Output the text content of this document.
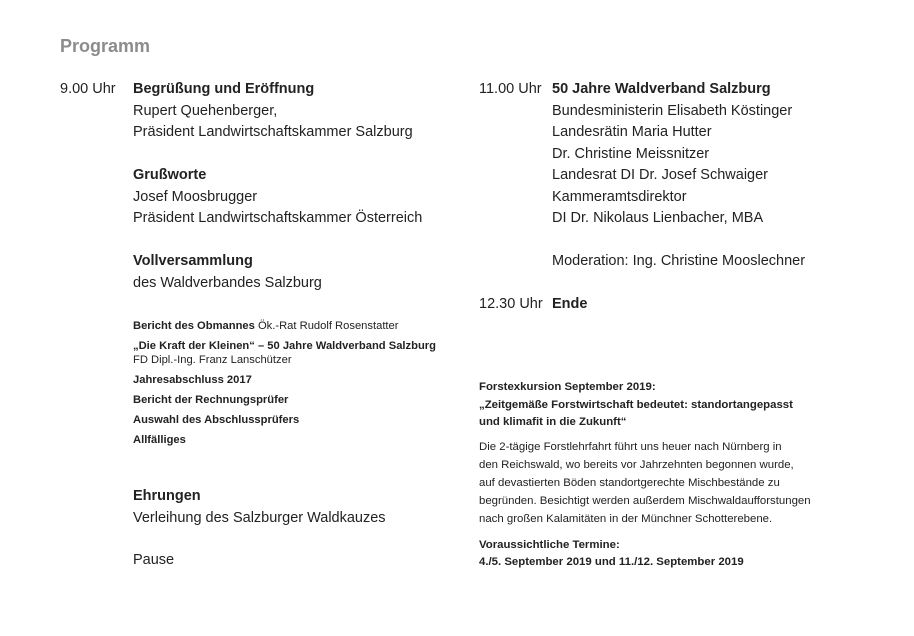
Programm
9.00 Uhr Begrüßung und Eröffnung
Rupert Quehenberger,
Präsident Landwirtschaftskammer Salzburg
Grußworte
Josef Moosbrugger
Präsident Landwirtschaftskammer Österreich
Vollversammlung
des Waldverbandes Salzburg
Bericht des Obmannes Ök.-Rat Rudolf Rosenstatter
„Die Kraft der Kleinen“ – 50 Jahre Waldverband Salzburg
FD Dipl.-Ing. Franz Lanschützer
Jahresabschluss 2017
Bericht der Rechnungsprüfer
Auswahl des Abschlussprüfers
Allfälliges
Ehrungen
Verleihung des Salzburger Waldkauzes
Pause
11.00 Uhr 50 Jahre Waldverband Salzburg
Bundesministerin Elisabeth Köstinger
Landesrätin Maria Hutter
Dr. Christine Meissnitzer
Landesrat DI Dr. Josef Schwaiger
Kammeramtsdirektor
DI Dr. Nikolaus Lienbacher, MBA
Moderation: Ing. Christine Mooslechner
12.30 Uhr Ende
Forstexkursion September 2019:
„Zeitgemäße Forstwirtschaft bedeutet: standortangepasst
und klimafit in die Zukunft“
Die 2-tägige Forstlehrfahrt führt uns heuer nach Nürnberg in
den Reichswald, wo bereits vor Jahrzehnten begonnen wurde,
auf devastierten Böden standortgerechte Mischbestände zu
begründen. Besichtigt werden außerdem Mischwaldaufforstungen
nach großen Kalamitäten in der Münchner Schotterebene.
Voraussichtliche Termine:
4./5. September 2019 und 11./12. September 2019
